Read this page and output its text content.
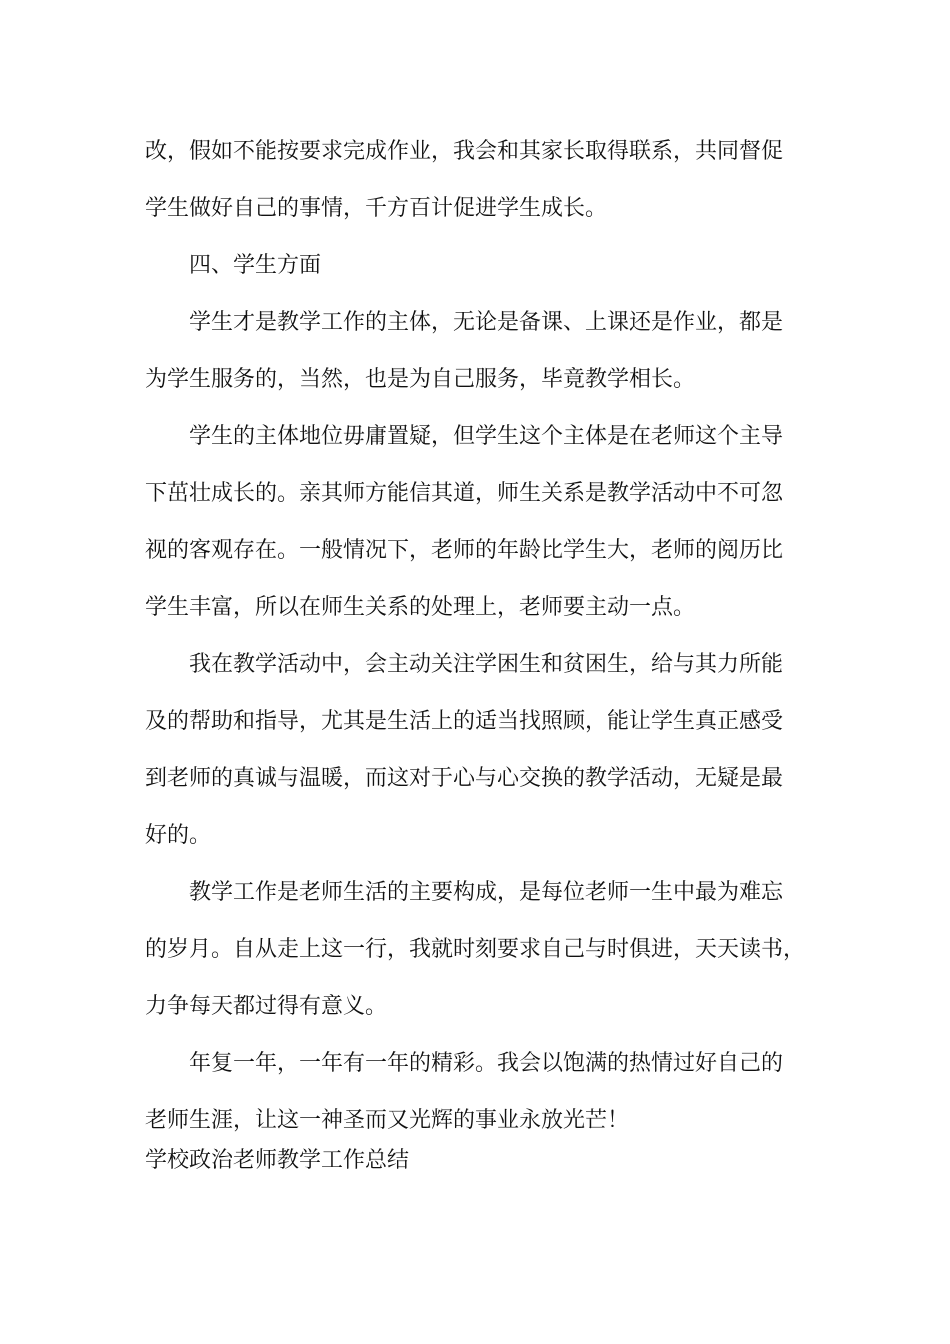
改，假如不能按要求完成作业，我会和其家长取得联系，共同督促
学生做好自己的事情，千方百计促进学生成长。
四、学生方面
学生才是教学工作的主体，无论是备课、上课还是作业，都是
为学生服务的，当然，也是为自己服务，毕竟教学相长。
学生的主体地位毋庸置疑，但学生这个主体是在老师这个主导
下茁壮成长的。亲其师方能信其道，师生关系是教学活动中不可忽
视的客观存在。一般情况下，老师的年龄比学生大，老师的阅历比
学生丰富，所以在师生关系的处理上，老师要主动一点。
我在教学活动中，会主动关注学困生和贫困生，给与其力所能
及的帮助和指导，尤其是生活上的适当找照顾，能让学生真正感受
到老师的真诚与温暖，而这对于心与心交换的教学活动，无疑是最
好的。
教学工作是老师生活的主要构成，是每位老师一生中最为难忘
的岁月。自从走上这一行，我就时刻要求自己与时俱进，天天读书，
力争每天都过得有意义。
年复一年，一年有一年的精彩。我会以饱满的热情过好自己的
老师生涯，让这一神圣而又光辉的事业永放光芒！
学校政治老师教学工作总结
